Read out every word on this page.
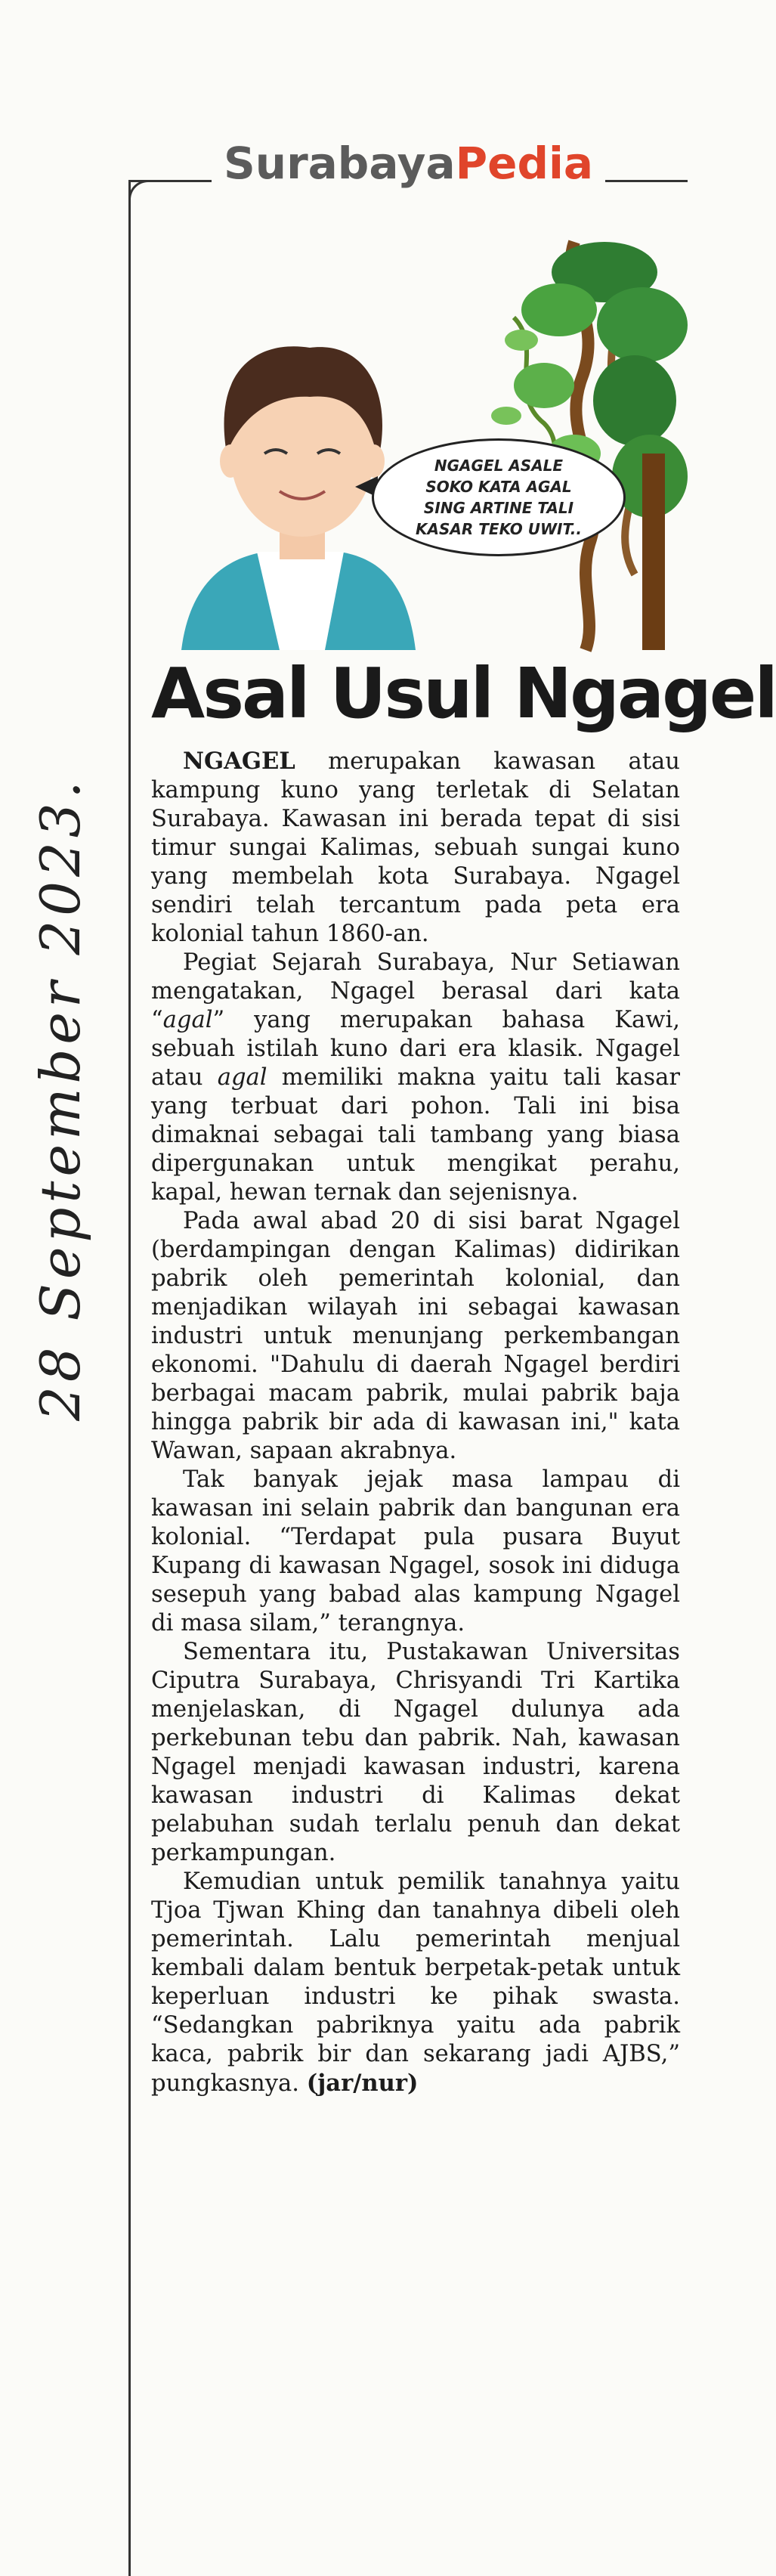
28 September 2023.
SurabayaPedia
NGAGEL ASALE
SOKO KATA AGAL
SING ARTINE TALI
KASAR TEKO UWIT..
Asal Usul Ngagel

NGAGEL merupakan kawasan atau kampung kuno yang terletak di Selatan Surabaya. Kawasan ini berada tepat di sisi timur sungai Kalimas, sebuah sungai kuno yang membelah kota Surabaya. Ngagel sendiri telah tercantum pada peta era kolonial tahun 1860-an.

Pegiat Sejarah Surabaya, Nur Setiawan mengatakan, Ngagel berasal dari kata “agal” yang merupakan bahasa Kawi, sebuah istilah kuno dari era klasik. Ngagel atau agal memiliki makna yaitu tali kasar yang terbuat dari pohon. Tali ini bisa dimaknai sebagai tali tambang yang biasa dipergunakan untuk mengikat perahu, kapal, hewan ternak dan sejenisnya.

Pada awal abad 20 di sisi barat Ngagel (berdampingan dengan Kalimas) didirikan pabrik oleh pemerintah kolonial, dan menjadikan wilayah ini sebagai kawasan industri untuk menunjang perkembangan ekonomi. "Dahulu di daerah Ngagel berdiri berbagai macam pabrik, mulai pabrik baja hingga pabrik bir ada di kawasan ini," kata Wawan, sapaan akrabnya.

Tak banyak jejak masa lampau di kawasan ini selain pabrik dan bangunan era kolonial. “Terdapat pula pusara Buyut Kupang di kawasan Ngagel, sosok ini diduga sesepuh yang babad alas kampung Ngagel di masa silam,” terangnya.

Sementara itu, Pustakawan Universitas Ciputra Surabaya, Chrisyandi Tri Kartika menjelaskan, di Ngagel dulunya ada perkebunan tebu dan pabrik. Nah, kawasan Ngagel menjadi kawasan industri, karena kawasan industri di Kalimas dekat pelabuhan sudah terlalu penuh dan dekat perkampungan.

Kemudian untuk pemilik tanahnya yaitu Tjoa Tjwan Khing dan tanahnya dibeli oleh pemerintah. Lalu pemerintah menjual kembali dalam bentuk berpetak-petak untuk keperluan industri ke pihak swasta. “Sedangkan pabriknya yaitu ada pabrik kaca, pabrik bir dan sekarang jadi AJBS,” pungkasnya. (jar/nur)
